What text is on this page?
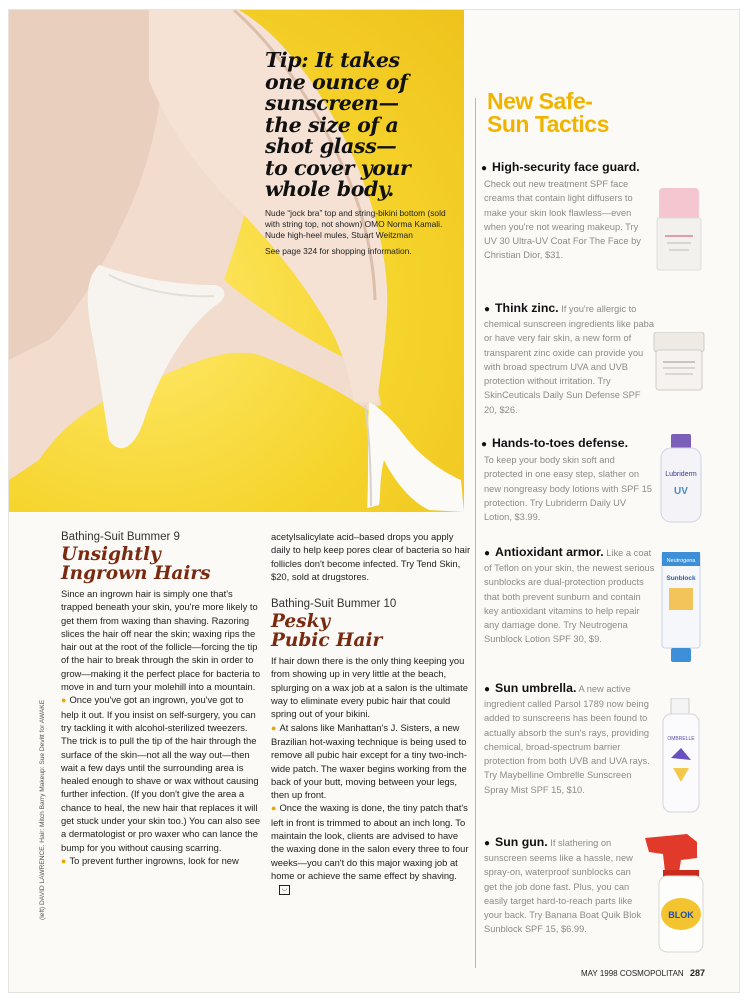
Tip: It takes
one ounce of
sunscreen—
the size of a
shot glass—
to cover your
whole body.

Nude “jock bra” top and string-bikini bottom (sold with string top, not shown) OMO Norma Kamali. Nude high-heel mules, Stuart Weitzman
See page 324 for shopping information.
New Safe-
Sun Tactics
● High-security face guard.
Check out new treatment SPF face creams that contain light diffusers to make your skin look flawless—even when you're not wearing makeup. Try UV 30 Ultra-UV Coat For The Face by Christian Dior, $31.
● Think zinc. If you're allergic to chemical sunscreen ingredients like paba or have very fair skin, a new form of transparent zinc oxide can provide you with broad spectrum UVA and UVB protection without irritation. Try SkinCeuticals Daily Sun Defense SPF 20, $26.
● Hands-to-toes defense.
To keep your body skin soft and protected in one easy step, slather on new nongreasy body lotions with SPF 15 protection. Try Lubriderm Daily UV Lotion, $3.99.
Lubriderm
UV
● Antioxidant armor. Like a coat of Teflon on your skin, the newest serious sunblocks are dual-protection products that both prevent sunburn and contain key antioxidant vitamins to help repair any damage done. Try Neutrogena Sunblock Lotion SPF 30, $9.
Neutrogena
Sunblock
● Sun umbrella. A new active ingredient called Parsol 1789 now being added to sunscreens has been found to actually absorb the sun's rays, providing chemical, broad-spectrum barrier protection from both UVB and UVA rays. Try Maybelline Ombrelle Sunscreen Spray Mist SPF 15, $10.
OMBRELLE
● Sun gun. If slathering on sunscreen seems like a hassle, new spray-on, waterproof sunblocks can get the job done fast. Plus, you can easily target hard-to-reach parts like your back. Try Banana Boat Quik Blok Sunblock SPF 15, $6.99.
BLOK
Bathing-Suit Bummer 9
Unsightly
Ingrown Hairs

Since an ingrown hair is simply one that's trapped beneath your skin, you're more likely to get them from waxing than shaving. Razoring slices the hair off near the skin; waxing rips the hair out at the root of the follicle—forcing the tip of the hair to break through the skin in order to grow—making it the perfect place for bacteria to move in and turn your molehill into a mountain.

● Once you've got an ingrown, you've got to help it out. If you insist on self-surgery, you can try tackling it with alcohol-sterilized tweezers. The trick is to pull the tip of the hair through the surface of the skin—not all the way out—then wait a few days until the surrounding area is healed enough to shave or wax without causing further infection. (If you don't give the area a chance to heal, the new hair that replaces it will get stuck under your skin too.) You can also see a dermatologist or pro waxer who can lance the bump for you without causing scarring.

● To prevent further ingrowns, look for new

acetylsalicylate acid–based drops you apply daily to help keep pores clear of bacteria so hair follicles don't become infected. Try Tend Skin, $20, sold at drugstores.

Bathing-Suit Bummer 10
Pesky
Pubic Hair

If hair down there is the only thing keeping you from showing up in very little at the beach, splurging on a wax job at a salon is the ultimate way to eliminate every pubic hair that could spring out of your bikini.

● At salons like Manhattan's J. Sisters, a new Brazilian hot-waxing technique is being used to remove all pubic hair except for a tiny two-inch-wide patch. The waxer begins working from the back of your butt, moving between your legs, then up front.

● Once the waxing is done, the tiny patch that's left in front is trimmed to about an inch long. To maintain the look, clients are advised to have the waxing done in the salon every three to four weeks—you can't do this major waxing job at home or achieve the same effect by shaving.◡

(left) DAVID LAWRENCE. Hair: Mitch Barry Makeup: Sue Devitt for AWAKE
MAY 1998 COSMOPOLITAN 287
